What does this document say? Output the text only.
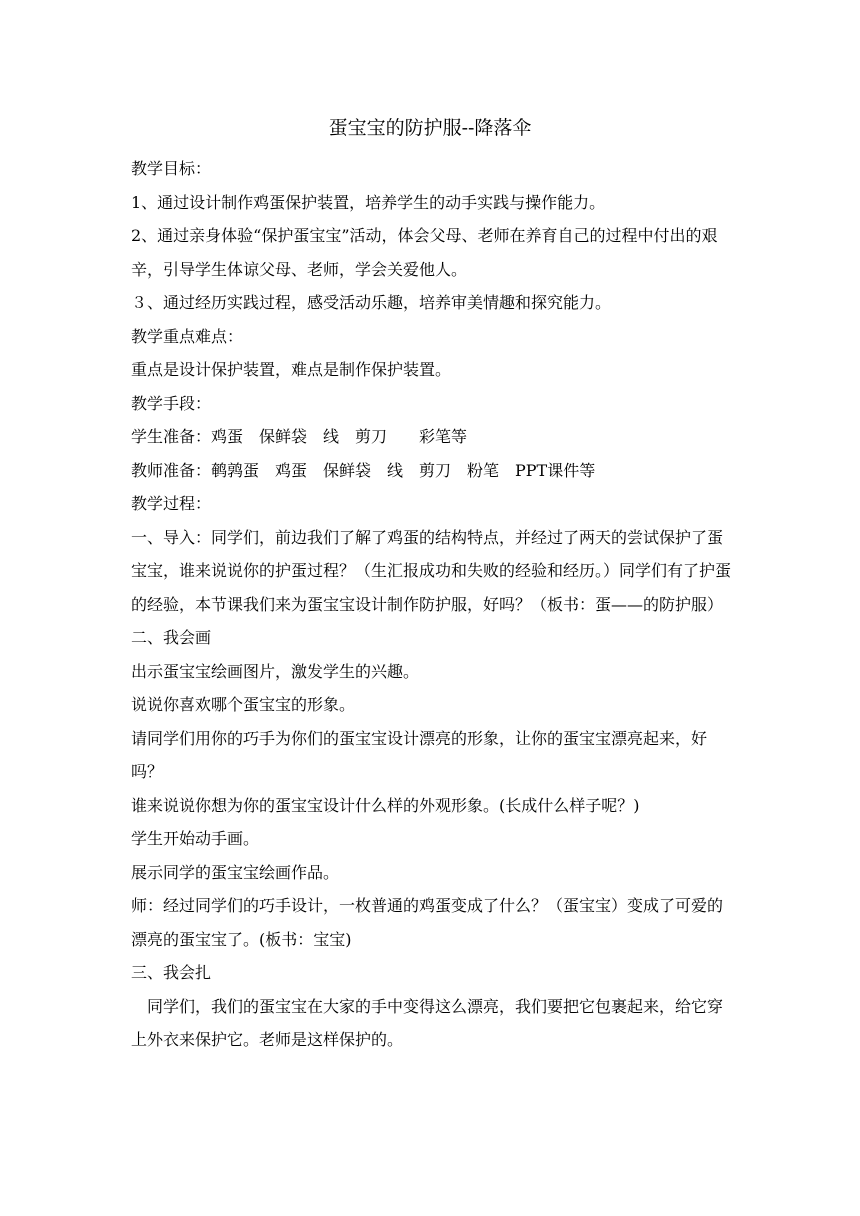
蛋宝宝的防护服--降落伞

教学目标：

1、通过设计制作鸡蛋保护装置，培养学生的动手实践与操作能力。

2、通过亲身体验“保护蛋宝宝”活动，体会父母、老师在养育自己的过程中付出的艰辛，引导学生体谅父母、老师，学会关爱他人。

３、通过经历实践过程，感受活动乐趣，培养审美情趣和探究能力。

教学重点难点：

重点是设计保护装置，难点是制作保护装置。

教学手段：

学生准备：鸡蛋　保鲜袋　线　剪刀　　彩笔等

教师准备：鹌鹑蛋　鸡蛋　保鲜袋　线　剪刀　粉笔　PPT课件等

教学过程：

一、导入：同学们，前边我们了解了鸡蛋的结构特点，并经过了两天的尝试保护了蛋宝宝，谁来说说你的护蛋过程？（生汇报成功和失败的经验和经历。）同学们有了护蛋的经验，本节课我们来为蛋宝宝设计制作防护服，好吗？（板书：蛋——的防护服）

二、我会画

出示蛋宝宝绘画图片，激发学生的兴趣。

说说你喜欢哪个蛋宝宝的形象。

请同学们用你的巧手为你们的蛋宝宝设计漂亮的形象，让你的蛋宝宝漂亮起来，好吗？

谁来说说你想为你的蛋宝宝设计什么样的外观形象。(长成什么样子呢？)

学生开始动手画。

展示同学的蛋宝宝绘画作品。

师：经过同学们的巧手设计，一枚普通的鸡蛋变成了什么？（蛋宝宝）变成了可爱的漂亮的蛋宝宝了。(板书：宝宝)

三、我会扎

同学们，我们的蛋宝宝在大家的手中变得这么漂亮，我们要把它包裹起来，给它穿上外衣来保护它。老师是这样保护的。
